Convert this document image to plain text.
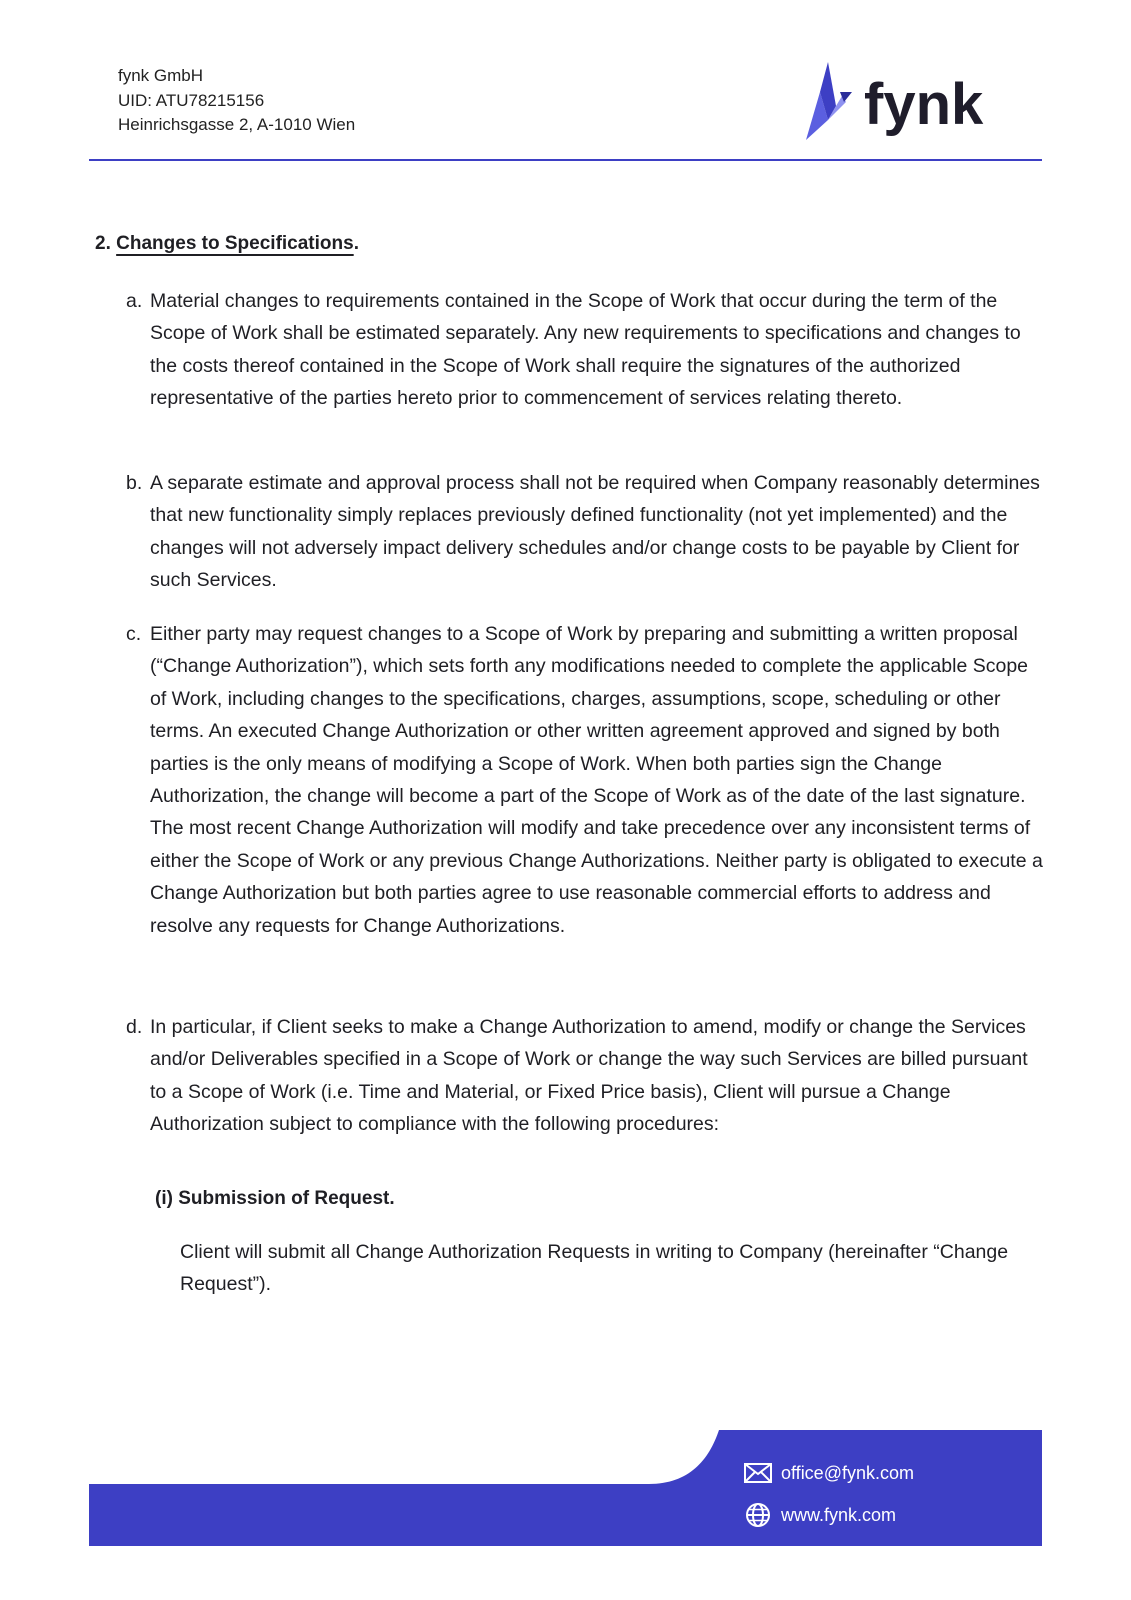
fynk GmbH
UID: ATU78215156
Heinrichsgasse 2, A-1010 Wien	fynk
2. Changes to Specifications.
a. Material changes to requirements contained in the Scope of Work that occur during the term of the Scope of Work shall be estimated separately. Any new requirements to specifications and changes to the costs thereof contained in the Scope of Work shall require the signatures of the authorized representative of the parties hereto prior to commencement of services relating thereto.
b. A separate estimate and approval process shall not be required when Company reasonably determines that new functionality simply replaces previously defined functionality (not yet implemented) and the changes will not adversely impact delivery schedules and/or change costs to be payable by Client for such Services.
c. Either party may request changes to a Scope of Work by preparing and submitting a written proposal (“Change Authorization”), which sets forth any modifications needed to complete the applicable Scope of Work, including changes to the specifications, charges, assumptions, scope, scheduling or other terms. An executed Change Authorization or other written agreement approved and signed by both parties is the only means of modifying a Scope of Work. When both parties sign the Change Authorization, the change will become a part of the Scope of Work as of the date of the last signature. The most recent Change Authorization will modify and take precedence over any inconsistent terms of either the Scope of Work or any previous Change Authorizations. Neither party is obligated to execute a Change Authorization but both parties agree to use reasonable commercial efforts to address and resolve any requests for Change Authorizations.
d. In particular, if Client seeks to make a Change Authorization to amend, modify or change the Services and/or Deliverables specified in a Scope of Work or change the way such Services are billed pursuant to a Scope of Work (i.e. Time and Material, or Fixed Price basis), Client will pursue a Change Authorization subject to compliance with the following procedures:
(i) Submission of Request.
Client will submit all Change Authorization Requests in writing to Company (hereinafter “Change Request”).
office@fynk.com
www.fynk.com
